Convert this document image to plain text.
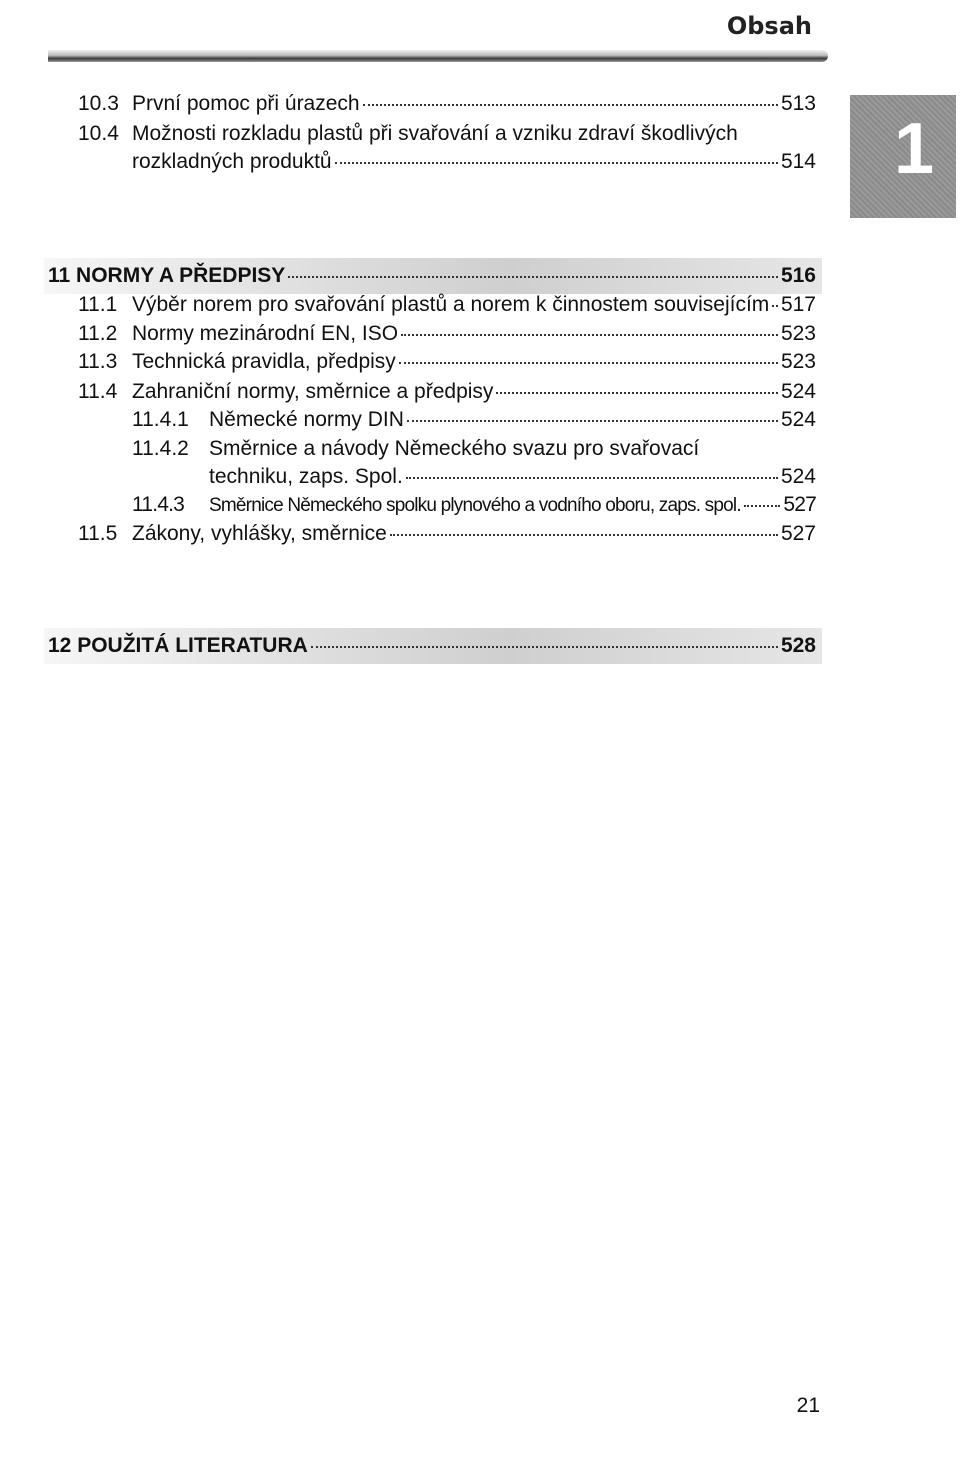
Obsah
1
10.3 První pomoc při úrazech	513
10.4 Možnosti rozkladu plastů při svařování a vzniku zdraví škodlivých
rozkladných produktů	514
11 NORMY A PŘEDPISY	516
11.1 Výběr norem pro svařování plastů a norem k činnostem souvisejícím 517
11.2 Normy mezinárodní EN, ISO	523
11.3 Technická pravidla, předpisy	523
11.4 Zahraniční normy, směrnice a předpisy	524
11.4.1 Německé normy DIN	524
11.4.2 Směrnice a návody Německého svazu pro svařovací
techniku, zaps. Spol.	524
11.4.3	Směrnice Německého spolku plynového a vodního oboru, zaps. spol. 527
11.5 Zákony, vyhlášky, směrnice	527
12 POUŽITÁ LITERATURA	528
21
